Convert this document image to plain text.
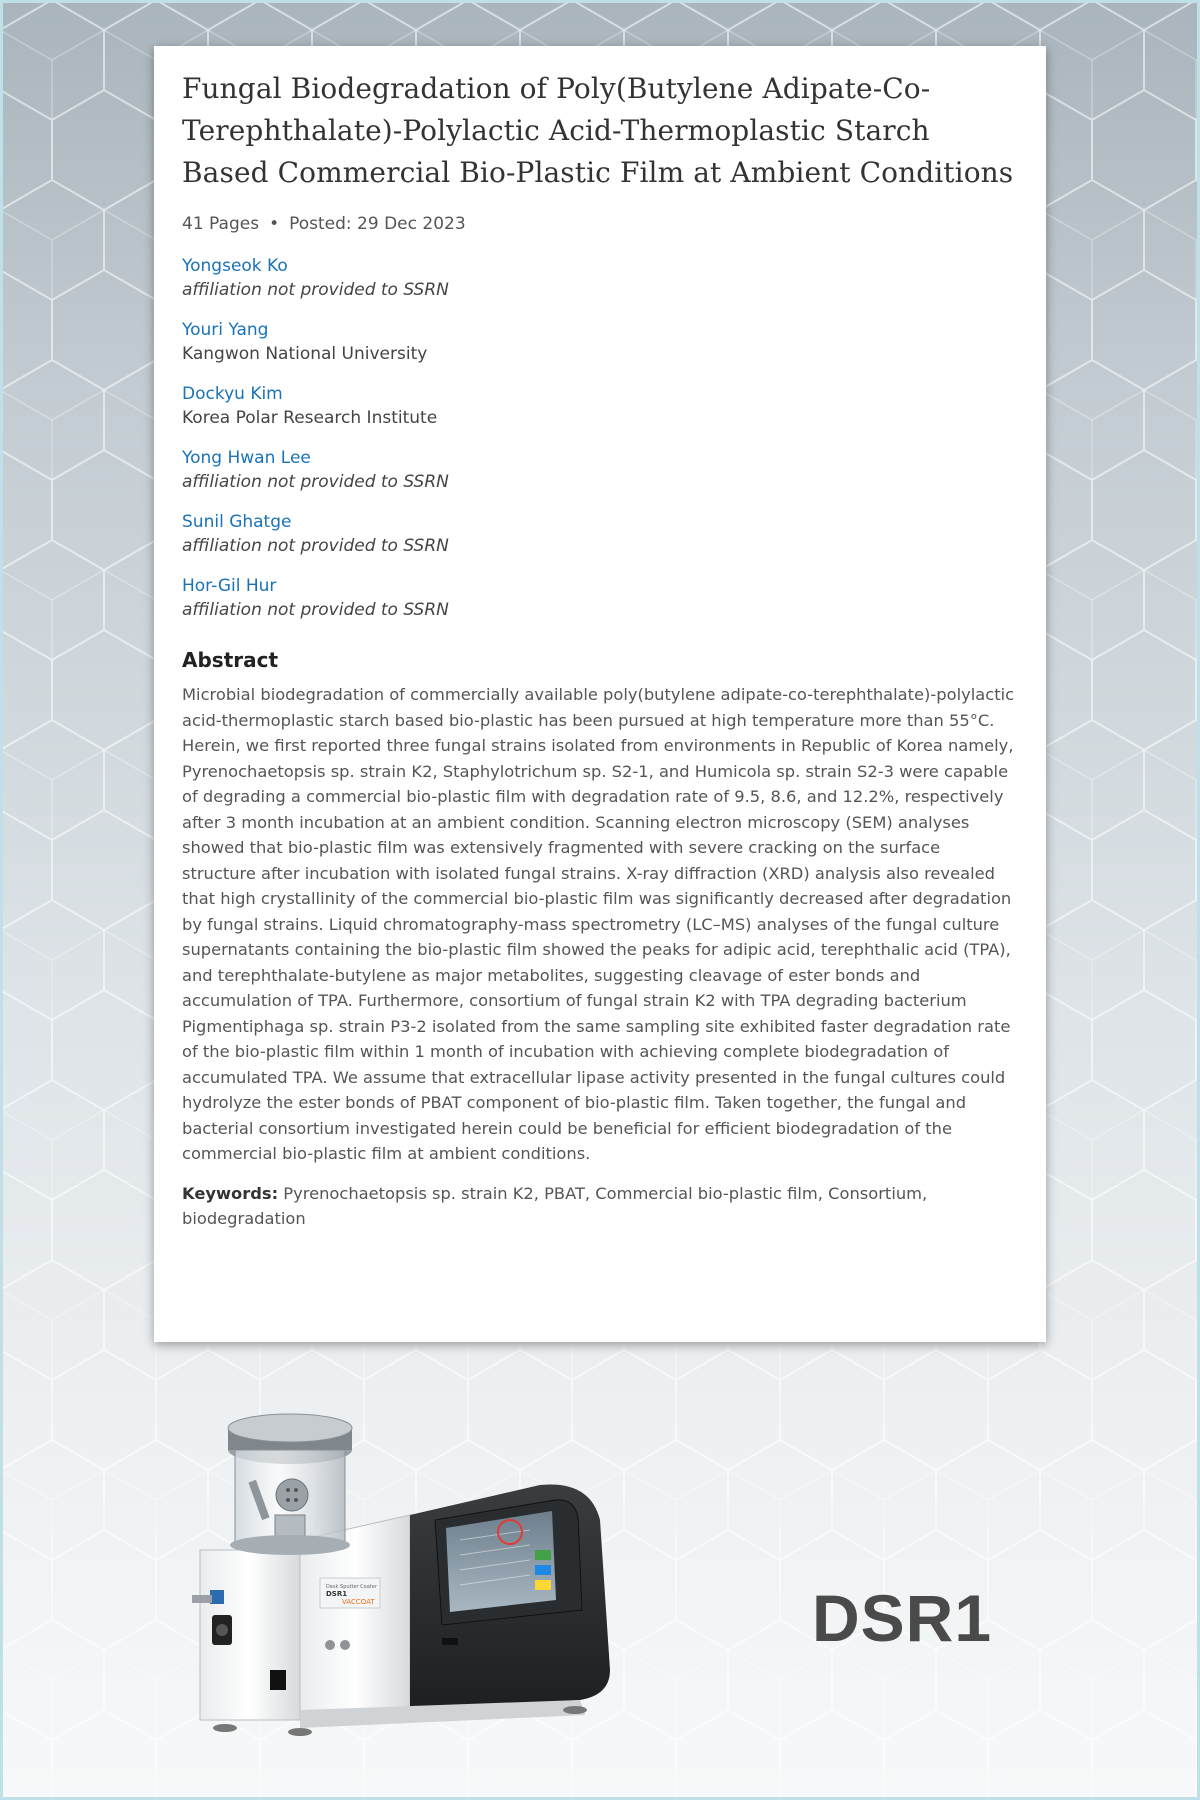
Fungal Biodegradation of Poly(Butylene Adipate-Co-Terephthalate)-Polylactic Acid-Thermoplastic Starch Based Commercial Bio-Plastic Film at Ambient Conditions
41 Pages • Posted: 29 Dec 2023
Yongseok Ko
affiliation not provided to SSRN
Youri Yang
Kangwon National University
Dockyu Kim
Korea Polar Research Institute
Yong Hwan Lee
affiliation not provided to SSRN
Sunil Ghatge
affiliation not provided to SSRN
Hor-Gil Hur
affiliation not provided to SSRN
Abstract

Microbial biodegradation of commercially available poly(butylene adipate-co-terephthalate)-polylactic acid-thermoplastic starch based bio-plastic has been pursued at high temperature more than 55°C. Herein, we first reported three fungal strains isolated from environments in Republic of Korea namely, Pyrenochaetopsis sp. strain K2, Staphylotrichum sp. S2-1, and Humicola sp. strain S2-3 were capable of degrading a commercial bio-plastic film with degradation rate of 9.5, 8.6, and 12.2%, respectively after 3 month incubation at an ambient condition. Scanning electron microscopy (SEM) analyses showed that bio-plastic film was extensively fragmented with severe cracking on the surface structure after incubation with isolated fungal strains. X-ray diffraction (XRD) analysis also revealed that high crystallinity of the commercial bio-plastic film was significantly decreased after degradation by fungal strains. Liquid chromatography-mass spectrometry (LC–MS) analyses of the fungal culture supernatants containing the bio-plastic film showed the peaks for adipic acid, terephthalic acid (TPA), and terephthalate-butylene as major metabolites, suggesting cleavage of ester bonds and accumulation of TPA. Furthermore, consortium of fungal strain K2 with TPA degrading bacterium Pigmentiphaga sp. strain P3-2 isolated from the same sampling site exhibited faster degradation rate of the bio-plastic film within 1 month of incubation with achieving complete biodegradation of accumulated TPA. We assume that extracellular lipase activity presented in the fungal cultures could hydrolyze the ester bonds of PBAT component of bio-plastic film. Taken together, the fungal and bacterial consortium investigated herein could be beneficial for efficient biodegradation of the commercial bio-plastic film at ambient conditions.

Keywords: Pyrenochaetopsis sp. strain K2, PBAT, Commercial bio-plastic film, Consortium, biodegradation
Desk Sputter Coater
DSR1
VACCOAT	DSR1
